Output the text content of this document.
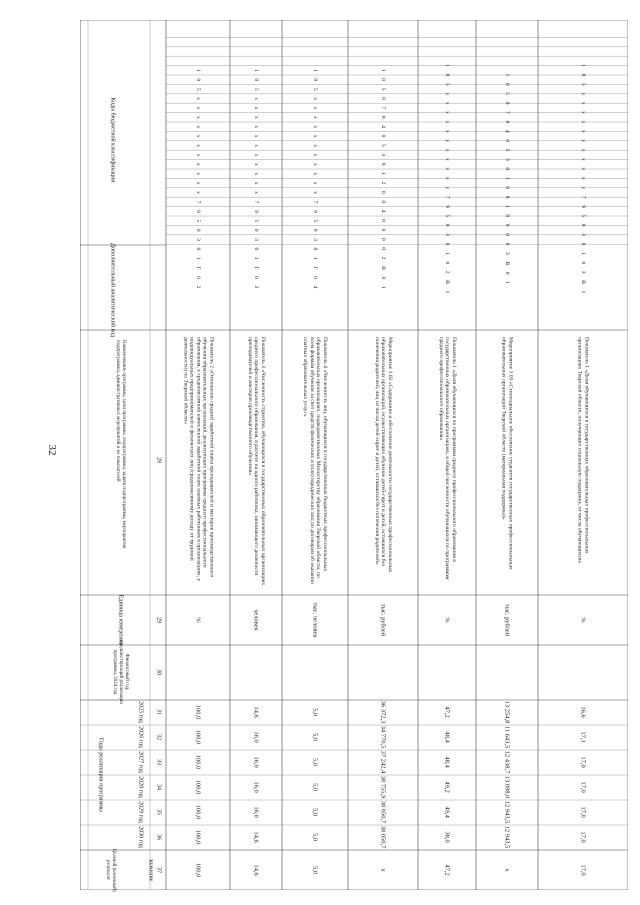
32
Коды бюджетной классификации
Дополнительный аналитический код
Наименование программы, цели программы, подпрограммы, задачи подпрограммы, мероприятия подпрограммы, административных мероприятий и их показателей
Единица измерения
Финансовый год, предшествующий реализации программы, 2024 год
Годы реализации программы
Целевой (конечный) результат	значение
2025 год
2026 год
2027 год
2028 год
2029 год
2030 год
28
29
30
31
32
33
34
35
36
37
1 0 5 х х х х х х х х х х х 7 9 5 0 3 0 1 Г 0 2
Показатель 2 «Отношение средней заработной платы преподавателей и мастеров производственного обучения образовательных организаций, реализующих программы среднего профессионального образования, к среднемесячной начисленной заработной плате наемных работников в организациях, у индивидуальных предпринимателей и физических лиц (среднемесячному доходу от трудовой деятельности) по Тверской области»
%
100,0
100,0
100,0
100,0
100,0
100,0
100,0
1 0 5 х х х х х х х х х х х 7 9 5 0 3 0 1 Г 0 3
Показатель 3 «Численность студентов, обучающихся в государственных образовательных организациях среднего профессионального образования, в расчете на одного работника, занимающего должности преподавателей и мастеров производственного обучения»
человек
14,6
16,0
16,0
16,0
16,0
14,6
14,6
1 0 5 х х х х х х х х х х х 7 9 5 0 3 0 1 Г 0 4
Показатель 4 «Численность лиц, обучающихся в государственных бюджетных профессиональных образовательных организациях, подведомственных Министерству образования Тверской области, по всем формам обучения за счет средств физических и (или) юридических лиц по договорам об оказании платных образовательных услуг»
тыс. человек
5,0
5,0
5,0
5,0
5,0
5,0
5,0
1 0 5 0 7 0 4 0 5 3 0 1 2 0 0 4 0 0 0 0 2 В 0 1
Мероприятие 1.02 «Содержание и обеспечение деятельности государственных профессиональных образовательных организаций, осуществляющих обучение детей-сирот и детей, оставшихся без попечения родителей, лиц из числа детей-сирот и детей, оставшихся без попечения родителей»
тыс. рублей
36 372,3
34 770,5
37 242,4
38 755,9
38 050,7
38 050,7
х
1 0 5 х х х х х х х х х х х 7 9 5 0 3 0 1 0 2 В 1
Показатель 1 «Доля обучающихся по программам среднего профессионального образования в государственных образовательных организациях, в общей численности обучающихся по программам среднего профессионального образования»
%
47,2
48,4
48,4
49,2
49,4
38,0
47,2
1 0 5 0 7 0 4 0 5 3 0 1 0 0 1 0 0 0 0 3 В 0 1
Мероприятие 1.03 «Стипендиальное обеспечение студентов государственных профессиональных образовательных организаций Тверской области (материальная поддержка)»
тыс. рублей
13 254,8
11 643,5
12 438,7
13 098,0
12 943,5
12 943,5
х
1 0 5 х х х х х х х х х х х 7 9 5 0 3 0 1 0 3 В 1
Показатель 1 «Доля обучающихся в государственных образовательных профессиональных организациях Тверской области, получающих социальную поддержку, от числа обучающихся»
%
16,6
17,1
17,0
17,0
17,0
17,0
17,0
